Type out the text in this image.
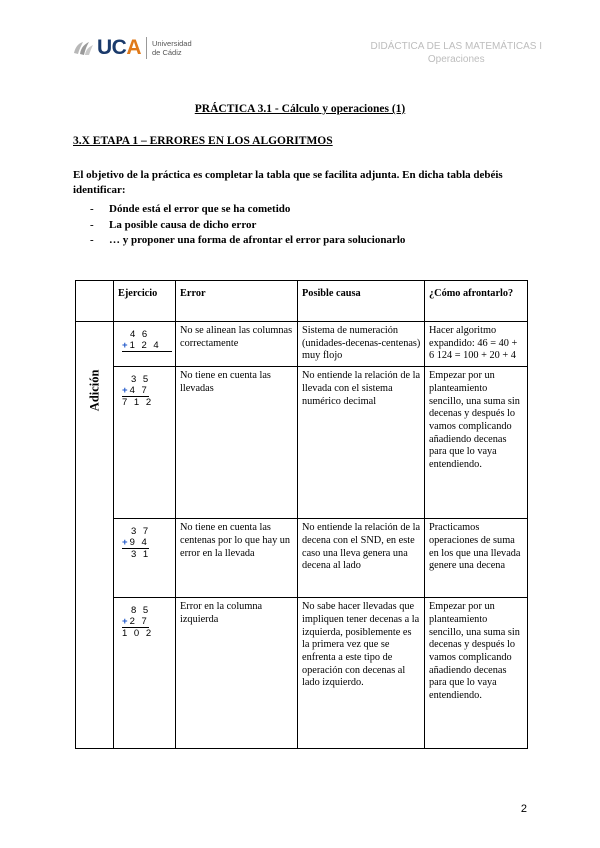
UCA Universidad
de Cádiz
DIDÁCTICA DE LAS MATEMÁTICAS I
Operaciones
PRÁCTICA 3.1 - Cálculo y operaciones (1)
3.X ETAPA 1 – ERRORES EN LOS ALGORITMOS
El objetivo de la práctica es completar la tabla que se facilita adjunta. En dicha tabla debéis identificar:
- Dónde está el error que se ha cometido
- La posible causa de dicho error
- … y proponer una forma de afrontar el error para solucionarlo
	Ejercicio	Error	Posible causa	¿Cómo afrontarlo?

Adición	4 6
+1 2 4	No se alinean las columnas correctamente	Sistema de numeración (unidades-decenas-centenas) muy flojo	Hacer algoritmo expandido: 46 = 40 + 6 124 = 100 + 20 + 4

	3 5
+4 7
7 1 2	No tiene en cuenta las llevadas	No entiende la relación de la llevada con el sistema numérico decimal	Empezar por un planteamiento sencillo, una suma sin decenas y después lo vamos complicando añadiendo decenas para que lo vaya entendiendo.

	3 7
+9 4
3 1	No tiene en cuenta las centenas por lo que hay un error en la llevada	No entiende la relación de la decena con el SND, en este caso una lleva genera una decena al lado	Practicamos operaciones de suma en los que una llevada genere una decena

	8 5
+2 7
1 0 2	Error en la columna izquierda	No sabe hacer llevadas que impliquen tener decenas a la izquierda, posiblemente es la primera vez que se enfrenta a este tipo de operación con decenas al lado izquierdo.	Empezar por un planteamiento sencillo, una suma sin decenas y después lo vamos complicando añadiendo decenas para que lo vaya entendiendo.
2
